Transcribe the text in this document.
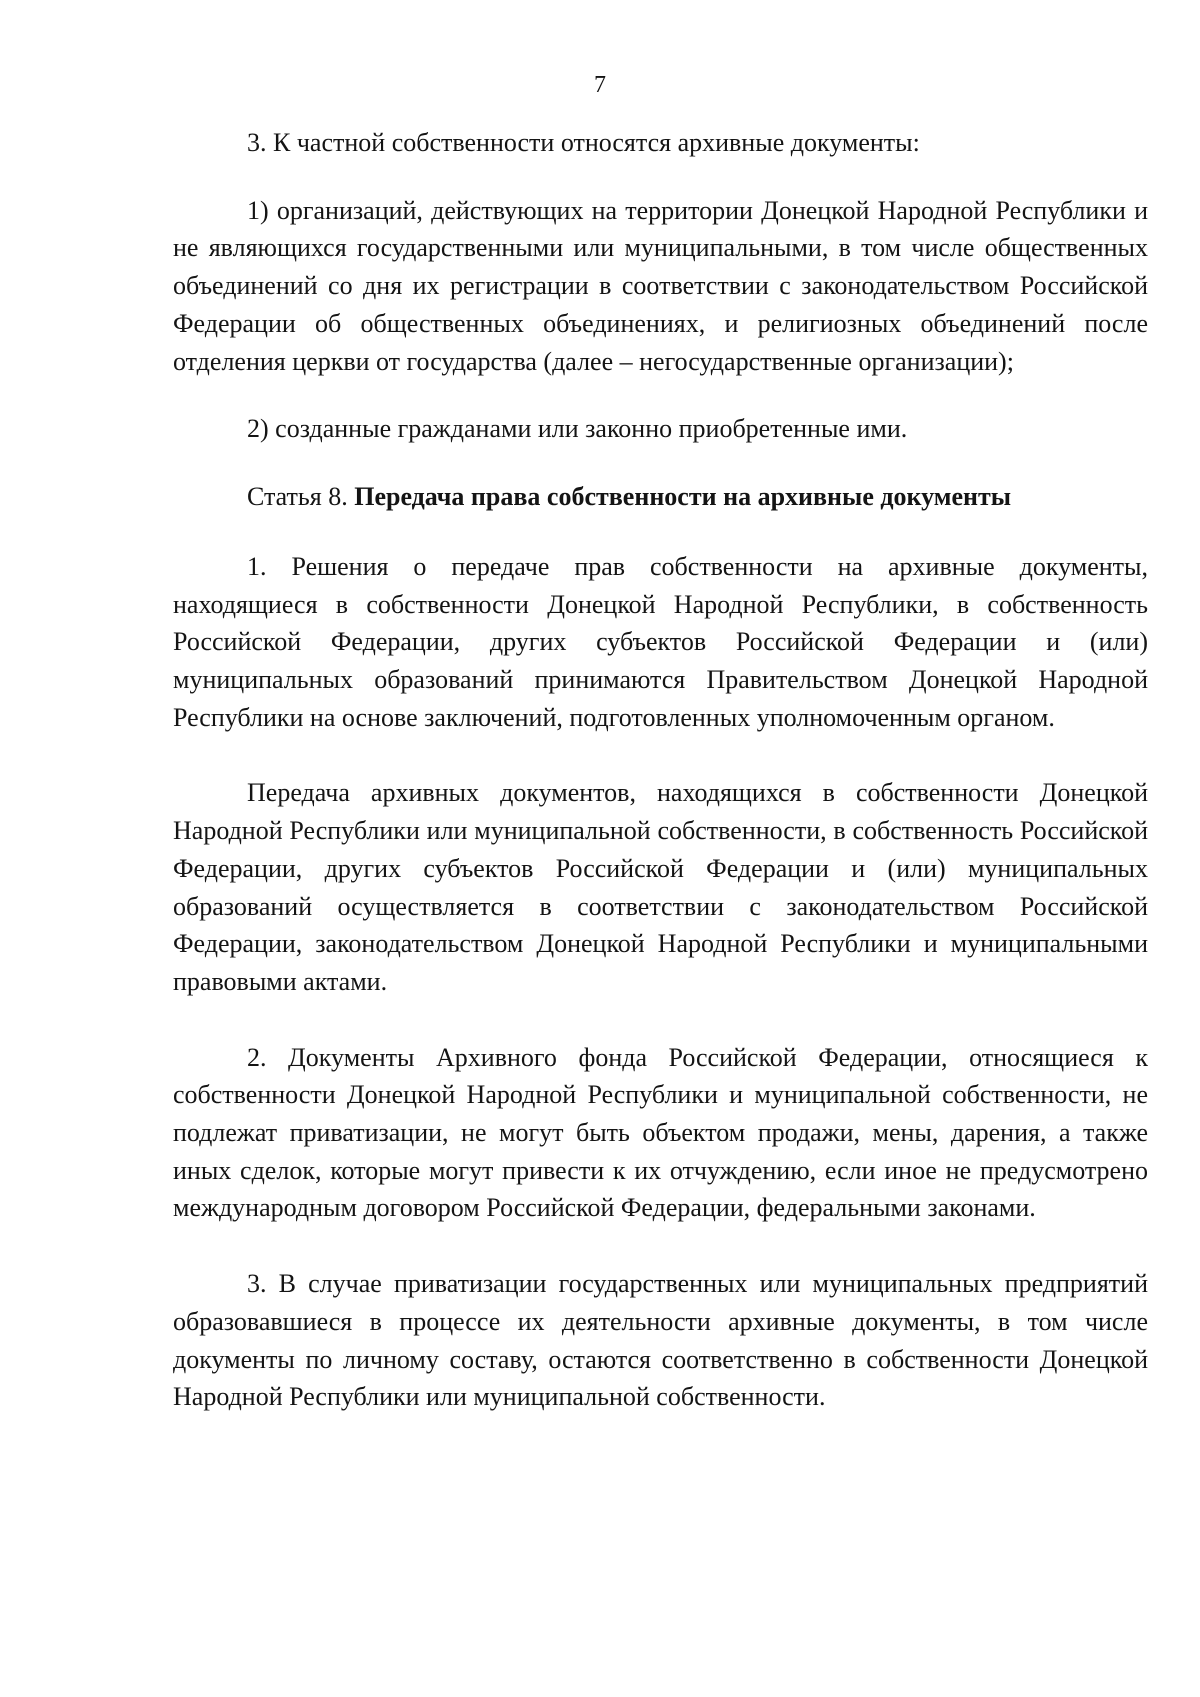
7

3. К частной собственности относятся архивные документы:

1) организаций, действующих на территории Донецкой Народной Республики и не являющихся государственными или муниципальными, в том числе общественных объединений со дня их регистрации в соответствии с законодательством Российской Федерации об общественных объединениях, и религиозных объединений после отделения церкви от государства (далее – негосударственные организации);

2) созданные гражданами или законно приобретенные ими.

Статья 8. Передача права собственности на архивные документы

1. Решения о передаче прав собственности на архивные документы, находящиеся в собственности Донецкой Народной Республики, в собственность Российской Федерации, других субъектов Российской Федерации и (или) муниципальных образований принимаются Правительством Донецкой Народной Республики на основе заключений, подготовленных уполномоченным органом.

Передача архивных документов, находящихся в собственности Донецкой Народной Республики или муниципальной собственности, в собственность Российской Федерации, других субъектов Российской Федерации и (или) муниципальных образований осуществляется в соответствии с законодательством Российской Федерации, законодательством Донецкой Народной Республики и муниципальными правовыми актами.

2. Документы Архивного фонда Российской Федерации, относящиеся к собственности Донецкой Народной Республики и муниципальной собственности, не подлежат приватизации, не могут быть объектом продажи, мены, дарения, а также иных сделок, которые могут привести к их отчуждению, если иное не предусмотрено международным договором Российской Федерации, федеральными законами.

3. В случае приватизации государственных или муниципальных предприятий образовавшиеся в процессе их деятельности архивные документы, в том числе документы по личному составу, остаются соответственно в собственности Донецкой Народной Республики или муниципальной собственности.
